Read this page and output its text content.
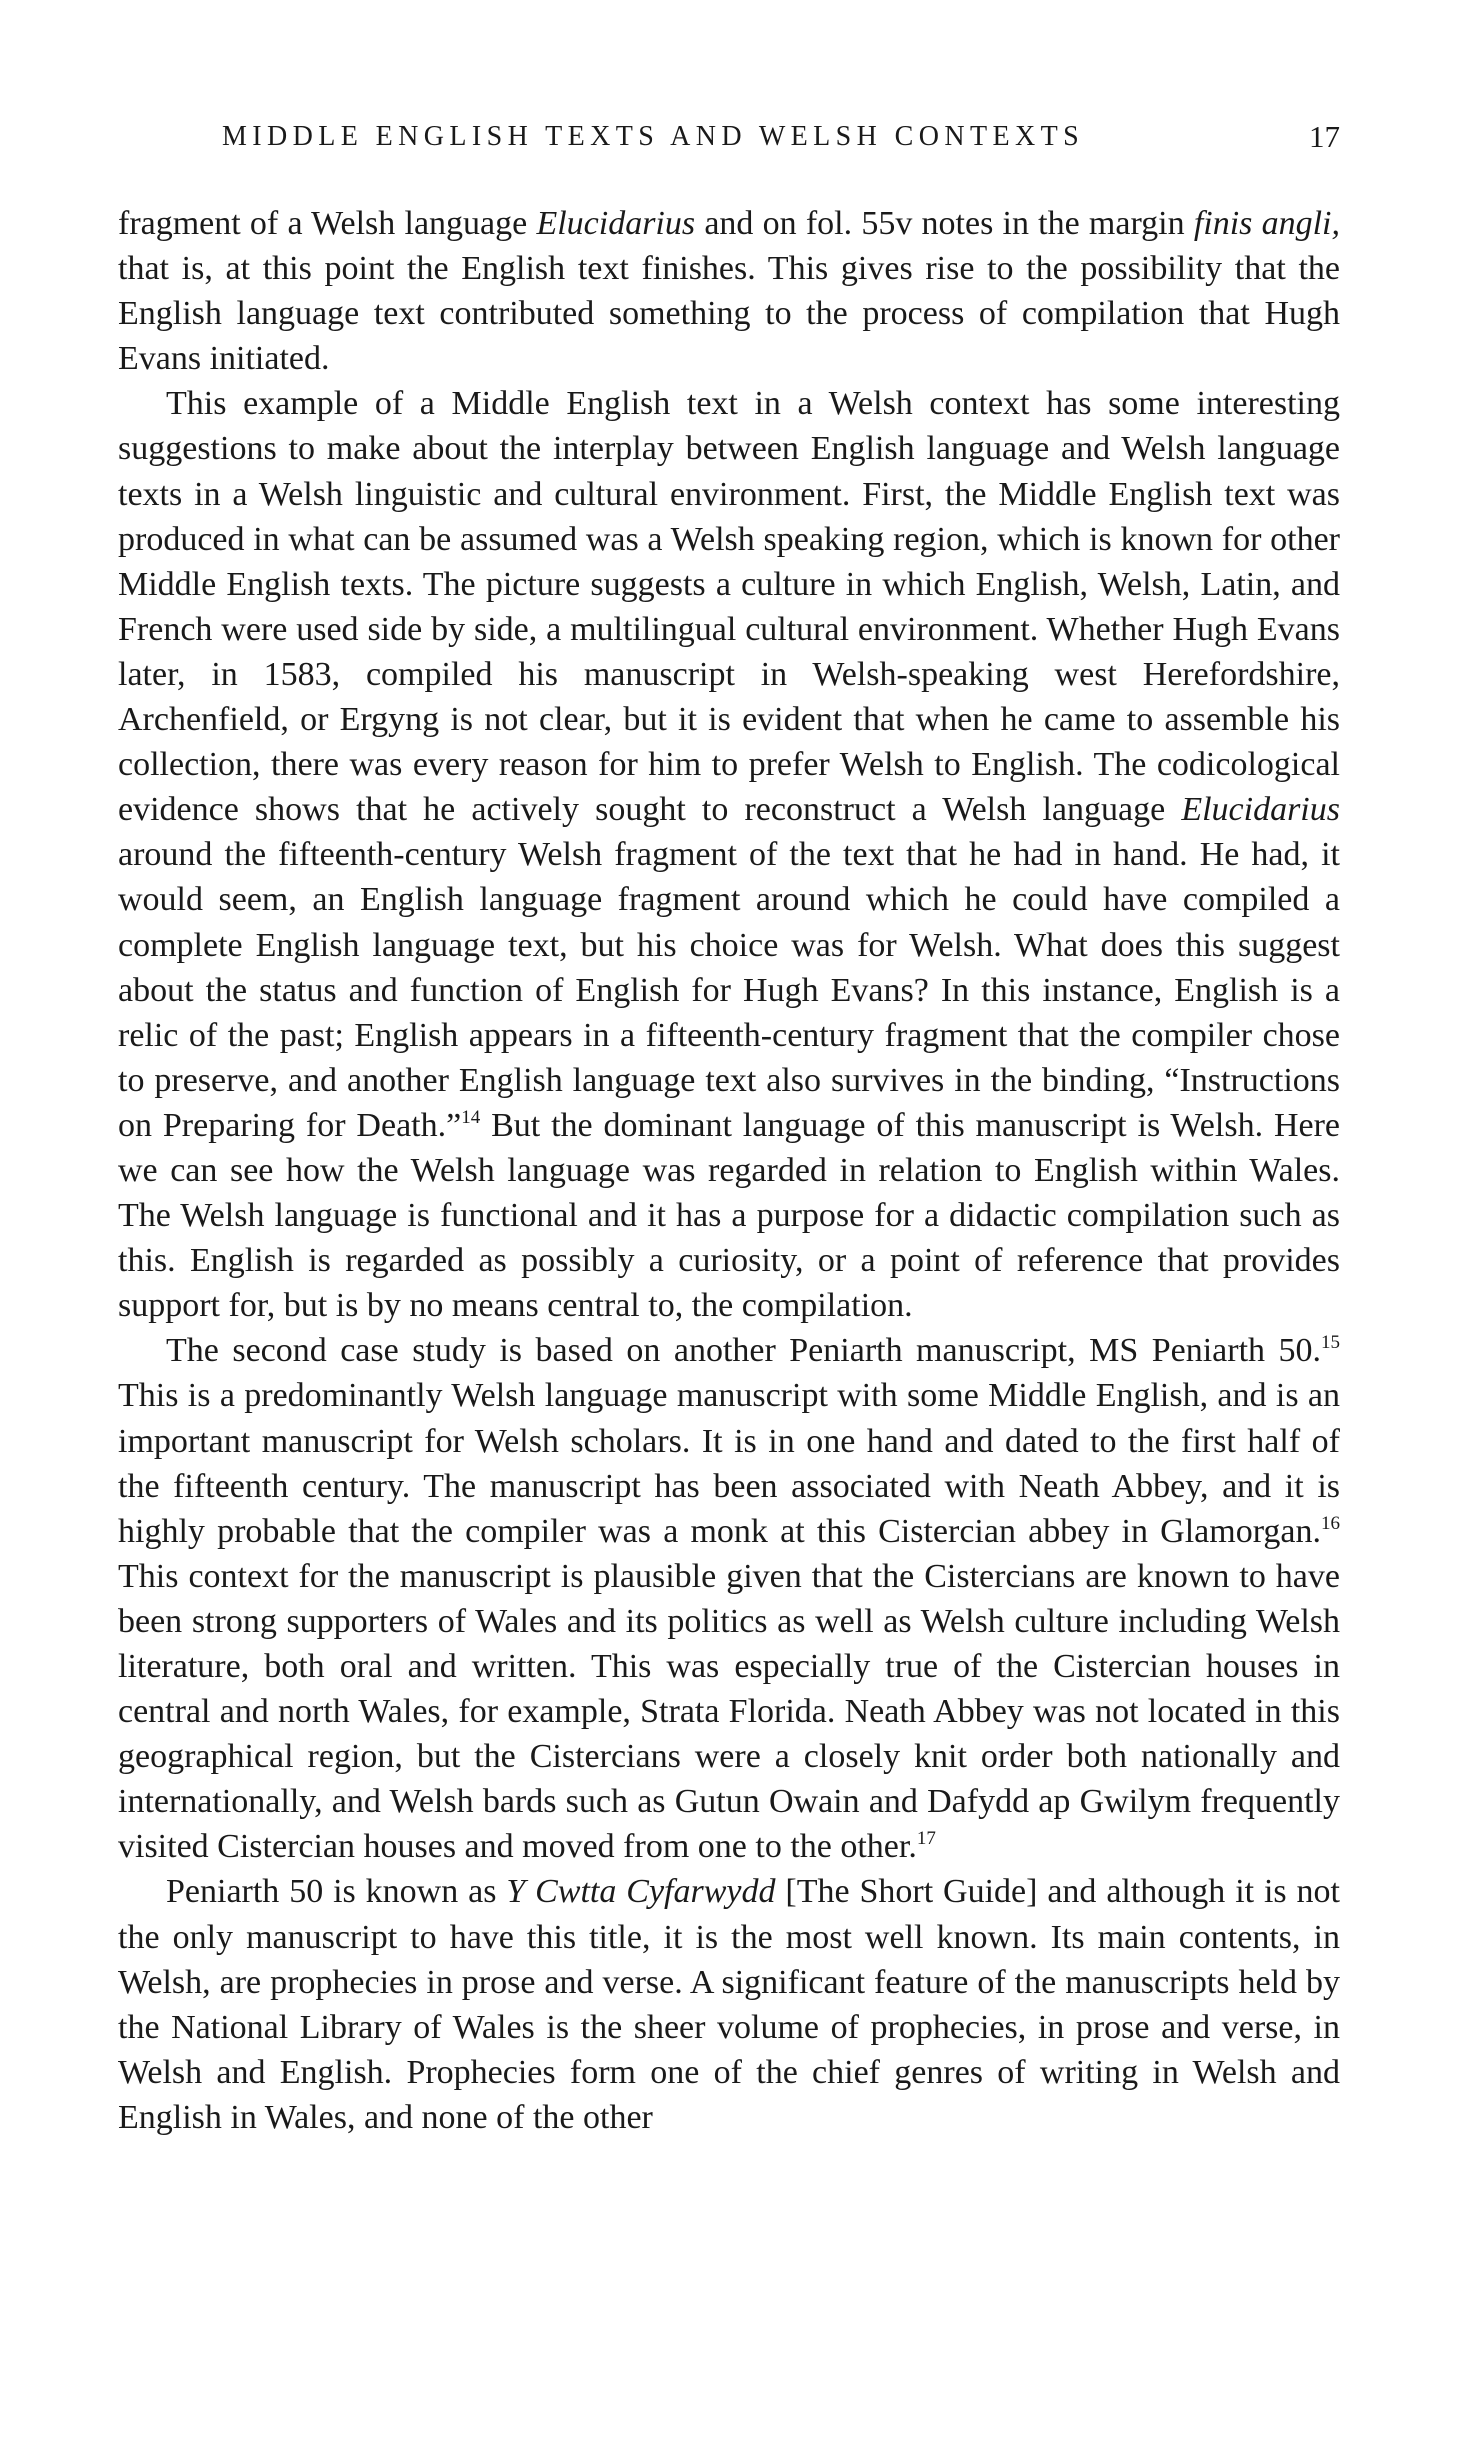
MIDDLE ENGLISH TEXTS AND WELSH CONTEXTS	17

fragment of a Welsh language Elucidarius and on fol. 55v notes in the margin finis angli, that is, at this point the English text finishes. This gives rise to the possibility that the English language text contributed something to the process of compilation that Hugh Evans initiated.

This example of a Middle English text in a Welsh context has some interesting suggestions to make about the interplay between English language and Welsh language texts in a Welsh linguistic and cultural environment. First, the Middle English text was produced in what can be assumed was a Welsh speaking region, which is known for other Middle English texts. The picture suggests a culture in which English, Welsh, Latin, and French were used side by side, a multilingual cultural environment. Whether Hugh Evans later, in 1583, compiled his manuscript in Welsh-speaking west Herefordshire, Archenfield, or Ergyng is not clear, but it is evident that when he came to assemble his collection, there was every reason for him to prefer Welsh to English. The codicological evidence shows that he actively sought to reconstruct a Welsh language Elucidarius around the fifteenth-century Welsh fragment of the text that he had in hand. He had, it would seem, an English language fragment around which he could have compiled a complete English language text, but his choice was for Welsh. What does this suggest about the status and function of English for Hugh Evans? In this instance, English is a relic of the past; English appears in a fifteenth-century fragment that the compiler chose to preserve, and another English language text also survives in the binding, “Instructions on Preparing for Death.”$^{14}$ But the dominant language of this manuscript is Welsh. Here we can see how the Welsh language was regarded in relation to English within Wales. The Welsh language is functional and it has a purpose for a didactic compilation such as this. English is regarded as possibly a curiosity, or a point of reference that provides support for, but is by no means central to, the compilation.

The second case study is based on another Peniarth manuscript, MS Peniarth 50.15 This is a predominantly Welsh language manuscript with some Middle English, and is an important manuscript for Welsh scholars. It is in one hand and dated to the first half of the fifteenth century. The manuscript has been associated with Neath Abbey, and it is highly probable that the compiler was a monk at this Cistercian abbey in Glamorgan.$^{16}$ This context for the manuscript is plausible given that the Cistercians are known to have been strong supporters of Wales and its politics as well as Welsh culture including Welsh literature, both oral and written. This was especially true of the Cistercian houses in central and north Wales, for example, Strata Florida. Neath Abbey was not located in this geographical region, but the Cistercians were a closely knit order both nationally and internationally, and Welsh bards such as Gutun Owain and Dafydd ap Gwilym frequently visited Cistercian houses and moved from one to the other.$^{17}$

Peniarth 50 is known as Y Cwtta Cyfarwydd [The Short Guide] and although it is not the only manuscript to have this title, it is the most well known. Its main contents, in Welsh, are prophecies in prose and verse. A significant feature of the manuscripts held by the National Library of Wales is the sheer volume of prophecies, in prose and verse, in Welsh and English. Prophecies form one of the chief genres of writing in Welsh and English in Wales, and none of the other
